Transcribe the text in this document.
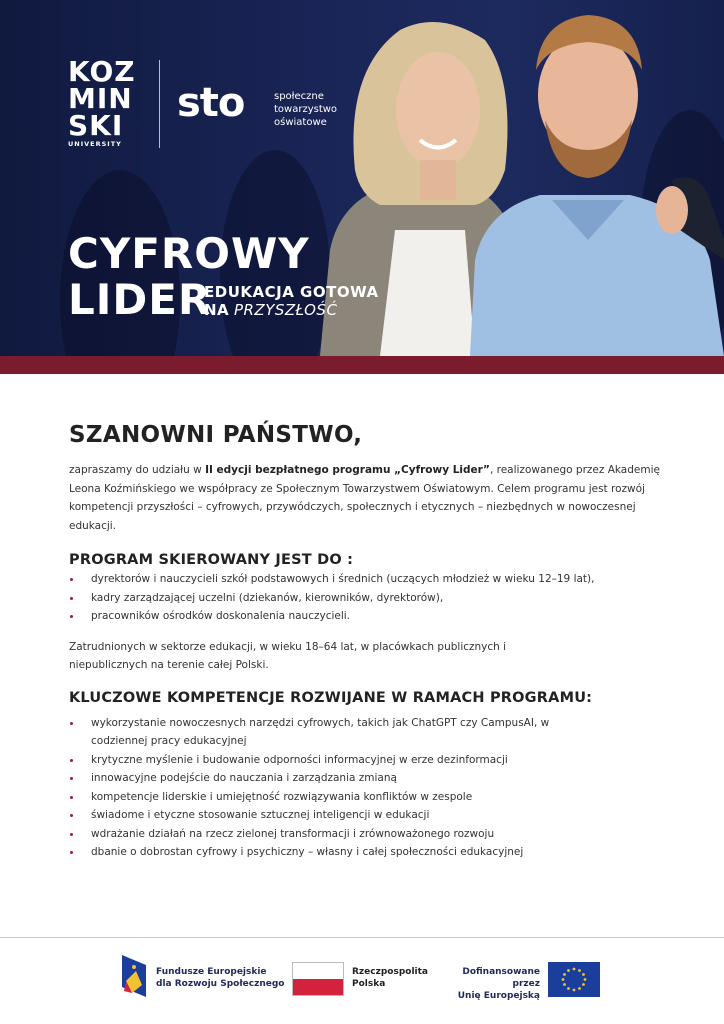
KOZ
MIN
SKI
UNIVERSITY
sto	społeczne
towarzystwo
oświatowe
CYFROWY
LIDER
EDUKACJA GOTOWA
NA PRZYSZŁOŚĆ
SZANOWNI PAŃSTWO,

zapraszamy do udziału w II edycji bezpłatnego programu „Cyfrowy Lider”, realizowanego przez Akademię Leona Koźmińskiego we współpracy ze Społecznym Towarzystwem Oświatowym. Celem programu jest rozwój kompetencji przyszłości – cyfrowych, przywódczych, społecznych i etycznych – niezbędnych w nowoczesnej edukacji.

PROGRAM SKIEROWANY JEST DO :
dyrektorów i nauczycieli szkół podstawowych i średnich (uczących młodzież w wieku 12–19 lat),
kadry zarządzającej uczelni (dziekanów, kierowników, dyrektorów),
pracowników ośrodków doskonalenia nauczycieli.

Zatrudnionych w sektorze edukacji, w wieku 18–64 lat, w placówkach publicznych i niepublicznych na terenie całej Polski.

KLUCZOWE KOMPETENCJE ROZWIJANE W RAMACH PROGRAMU:
wykorzystanie nowoczesnych narzędzi cyfrowych, takich jak ChatGPT czy CampusAI, w codziennej pracy edukacyjnej
krytyczne myślenie i budowanie odporności informacyjnej w erze dezinformacji
innowacyjne podejście do nauczania i zarządzania zmianą
kompetencje liderskie i umiejętność rozwiązywania konfliktów w zespole
świadome i etyczne stosowanie sztucznej inteligencji w edukacji
wdrażanie działań na rzecz zielonej transformacji i zrównoważonego rozwoju
dbanie o dobrostan cyfrowy i psychiczny – własny i całej społeczności edukacyjnej
Fundusze Europejskie
dla Rozwoju Społecznego
Rzeczpospolita
Polska
Dofinansowane przez
Unię Europejską
